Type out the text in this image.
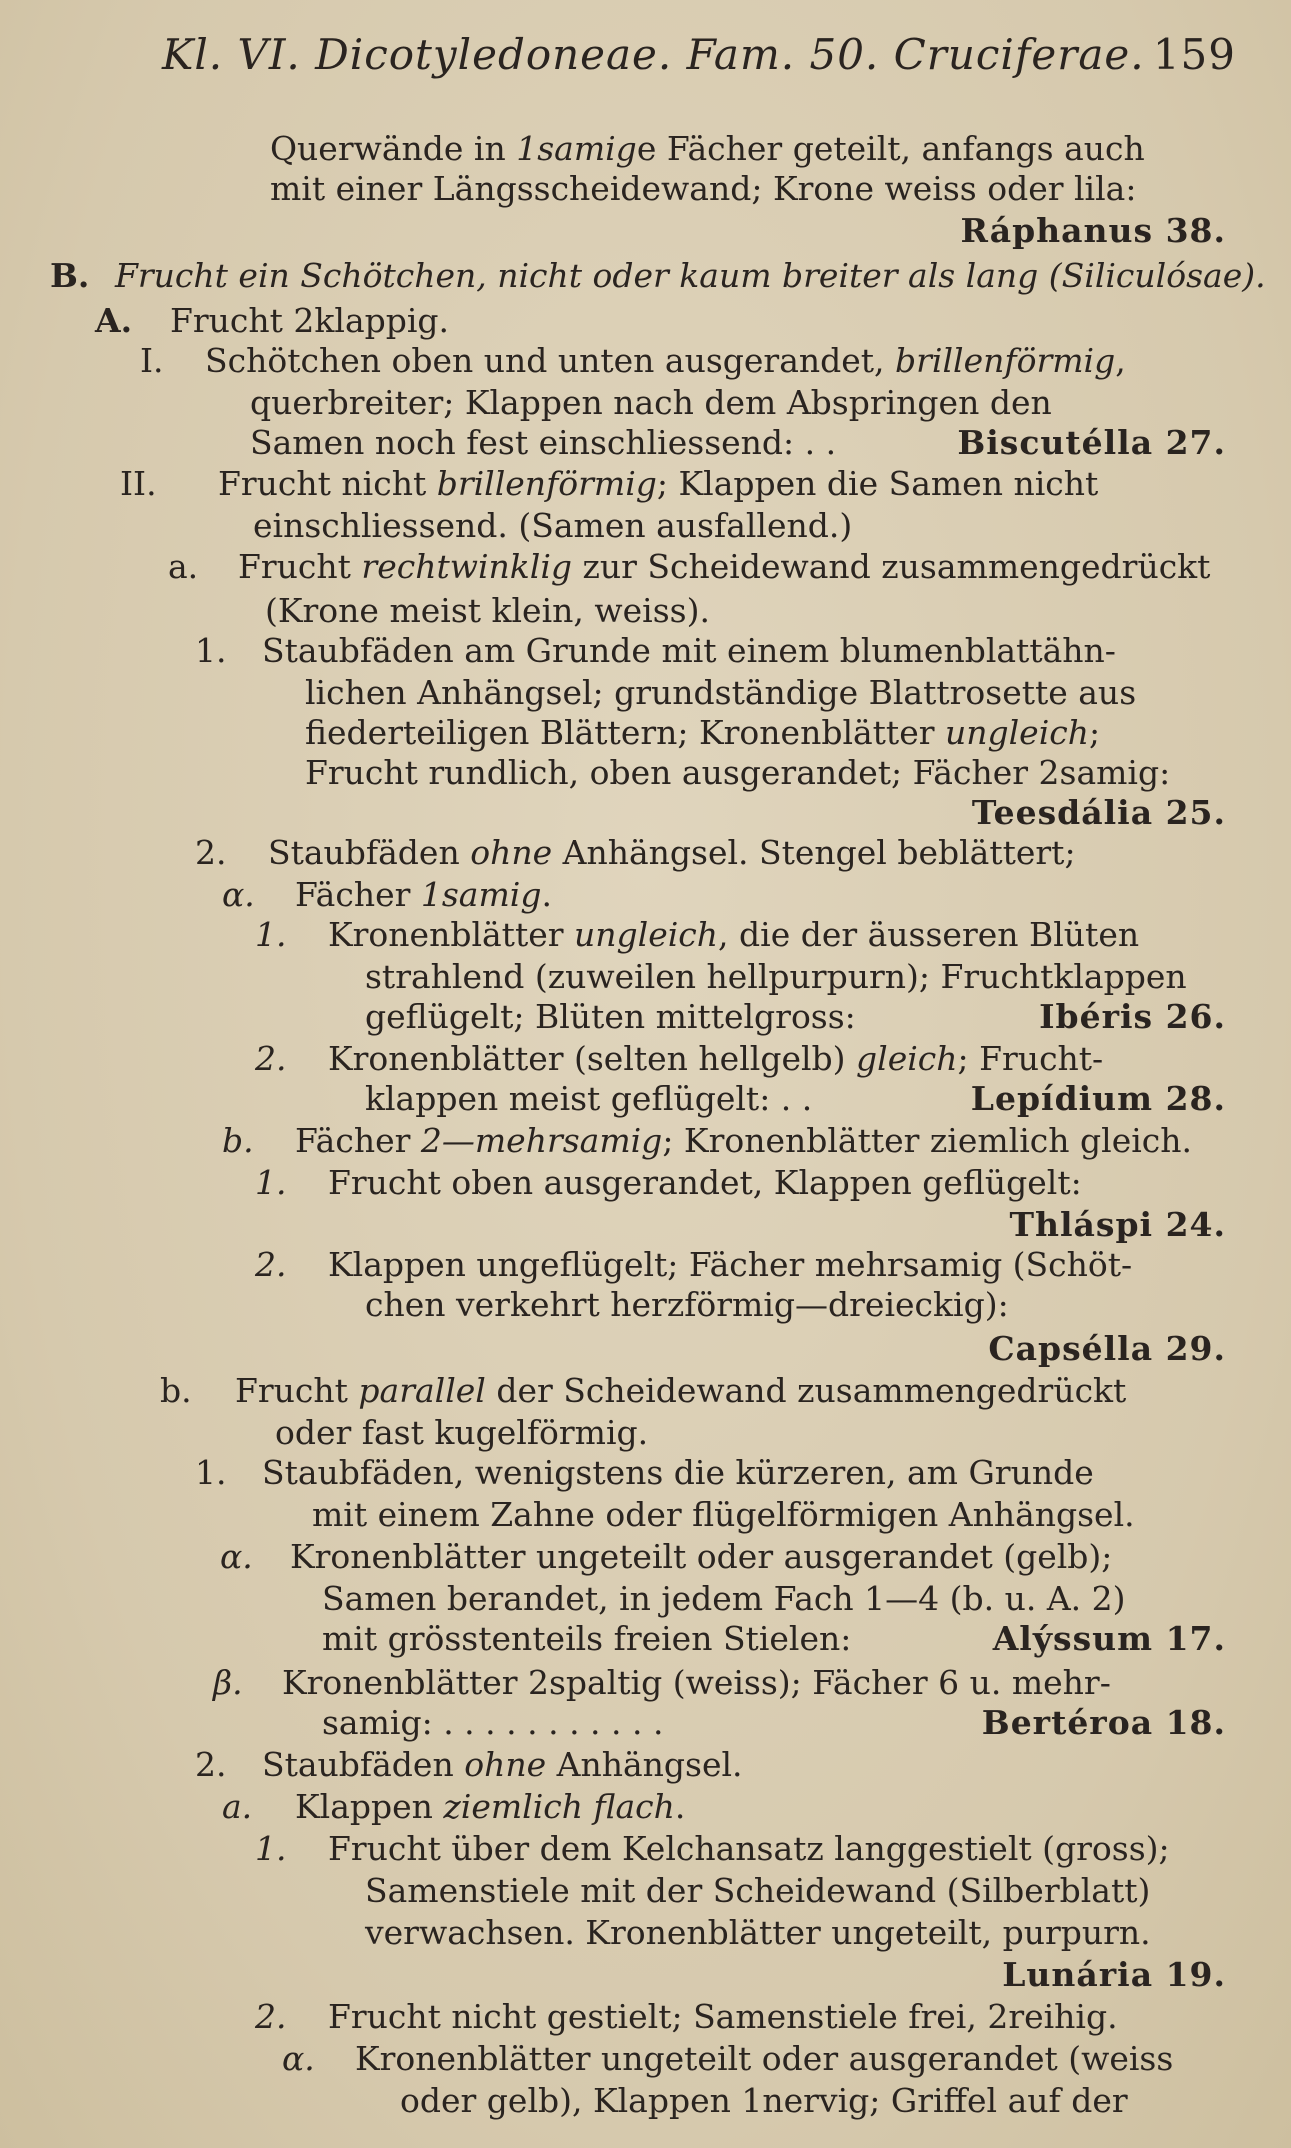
Kl. VI. Dicotyledoneae. Fam. 50. Cruciferae. 159
Querwände in 1samige Fächer geteilt, anfangs auch
mit einer Längsscheidewand; Krone weiss oder lila:
Ráphanus 38.
B. Frucht ein Schötchen, nicht oder kaum breiter als lang (Siliculósae).
A. Frucht 2klappig.
I. Schötchen oben und unten ausgerandet, brillenförmig,
querbreiter; Klappen nach dem Abspringen den
Samen noch fest einschliessend: . .	Biscutélla 27.
II. Frucht nicht brillenförmig; Klappen die Samen nicht
einschliessend. (Samen ausfallend.)
a. Frucht rechtwinklig zur Scheidewand zusammengedrückt
(Krone meist klein, weiss).
1. Staubfäden am Grunde mit einem blumenblattähn-
lichen Anhängsel; grundständige Blattrosette aus
fiederteiligen Blättern; Kronenblätter ungleich;
Frucht rundlich, oben ausgerandet; Fächer 2samig:
Teesdália 25.
2. Staubfäden ohne Anhängsel. Stengel beblättert;
α. Fächer 1samig.
1. Kronenblätter ungleich, die der äusseren Blüten
strahlend (zuweilen hellpurpurn); Fruchtklappen
geflügelt; Blüten mittelgross:	Ibéris 26.
2. Kronenblätter (selten hellgelb) gleich; Frucht-
klappen meist geflügelt: . .	Lepídium 28.
b. Fächer 2—mehrsamig; Kronenblätter ziemlich gleich.
1. Frucht oben ausgerandet, Klappen geflügelt:
Thláspi 24.
2. Klappen ungeflügelt; Fächer mehrsamig (Schöt-
chen verkehrt herzförmig—dreieckig):
Capsélla 29.
b. Frucht parallel der Scheidewand zusammengedrückt
oder fast kugelförmig.
1. Staubfäden, wenigstens die kürzeren, am Grunde
mit einem Zahne oder flügelförmigen Anhängsel.
α. Kronenblätter ungeteilt oder ausgerandet (gelb);
Samen berandet, in jedem Fach 1—4 (b. u. A. 2)
mit grösstenteils freien Stielen:	Alýssum 17.
β. Kronenblätter 2spaltig (weiss); Fächer 6 u. mehr-
samig: . . . . . . . . . . .	Bertéroa 18.
2. Staubfäden ohne Anhängsel.
a. Klappen ziemlich flach.
1. Frucht über dem Kelchansatz langgestielt (gross);
Samenstiele mit der Scheidewand (Silberblatt)
verwachsen. Kronenblätter ungeteilt, purpurn.
Lunária 19.
2. Frucht nicht gestielt; Samenstiele frei, 2reihig.
α. Kronenblätter ungeteilt oder ausgerandet (weiss
oder gelb), Klappen 1nervig; Griffel auf der
